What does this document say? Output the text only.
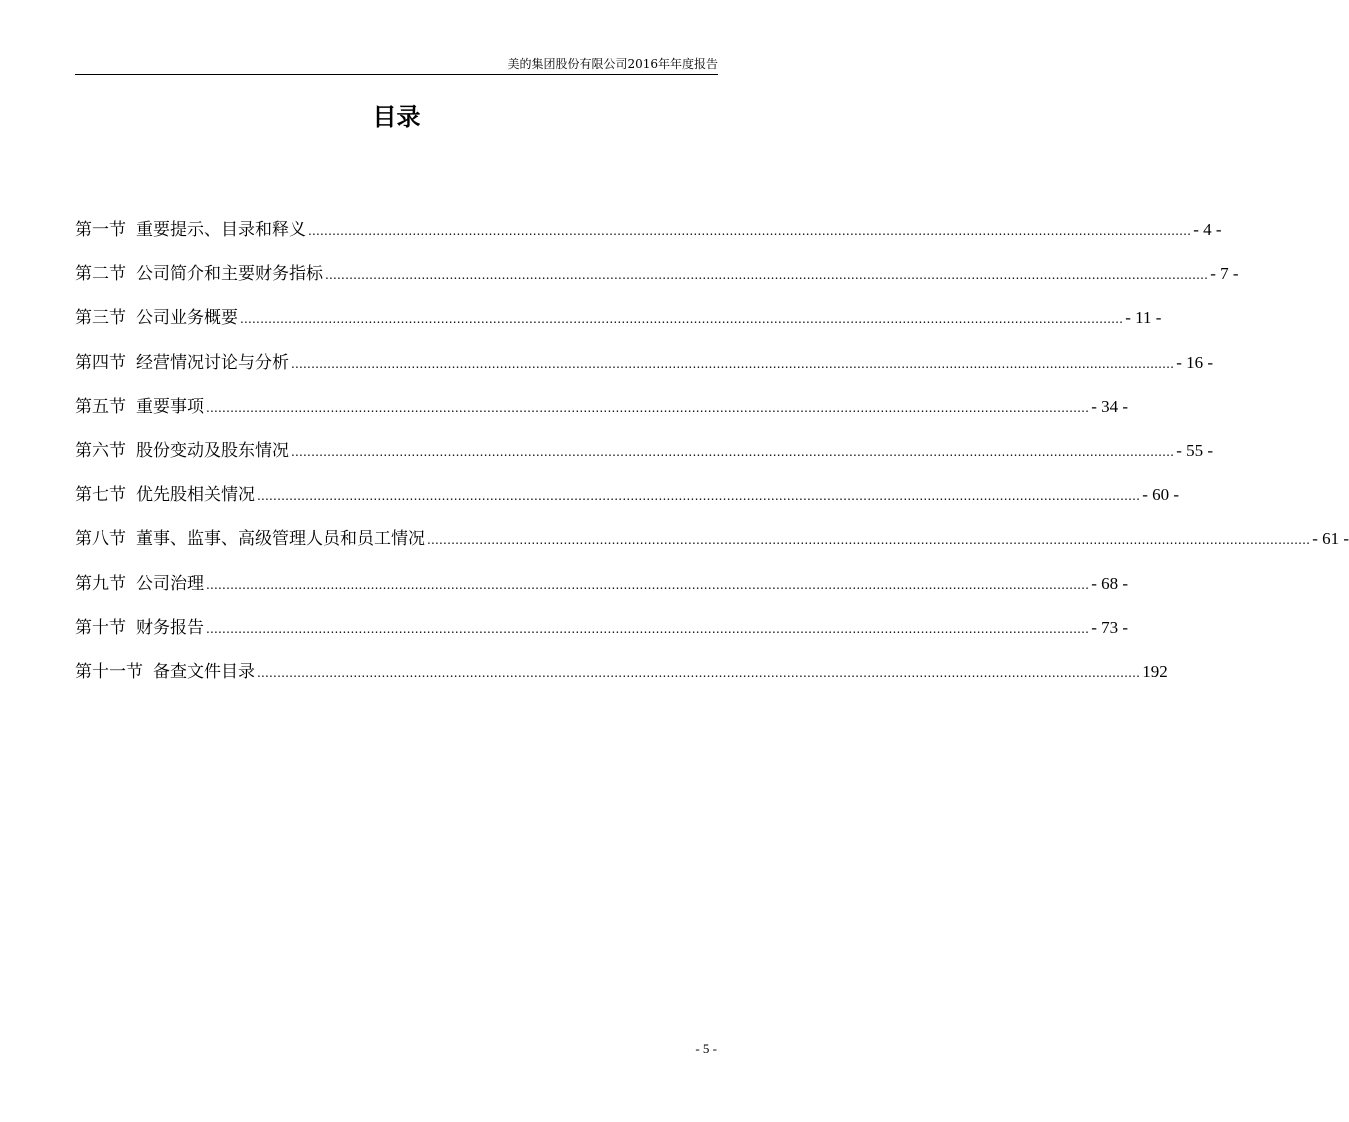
美的集团股份有限公司2016年年度报告
目录
第一节 重要提示、目录和释义 ............................................................................................................................................................................................................................ - 4 -
第二节 公司简介和主要财务指标 ............................................................................................................................................................................................................................ - 7 -
第三节 公司业务概要 ............................................................................................................................................................................................................................ - 11 -
第四节 经营情况讨论与分析 ............................................................................................................................................................................................................................ - 16 -
第五节 重要事项 ............................................................................................................................................................................................................................ - 34 -
第六节 股份变动及股东情况 ............................................................................................................................................................................................................................ - 55 -
第七节 优先股相关情况 ............................................................................................................................................................................................................................ - 60 -
第八节 董事、监事、高级管理人员和员工情况 ............................................................................................................................................................................................................................ - 61 -
第九节 公司治理 ............................................................................................................................................................................................................................ - 68 -
第十节 财务报告 ............................................................................................................................................................................................................................ - 73 -
第十一节 备查文件目录 ............................................................................................................................................................................................................................ 192
- 5 -
